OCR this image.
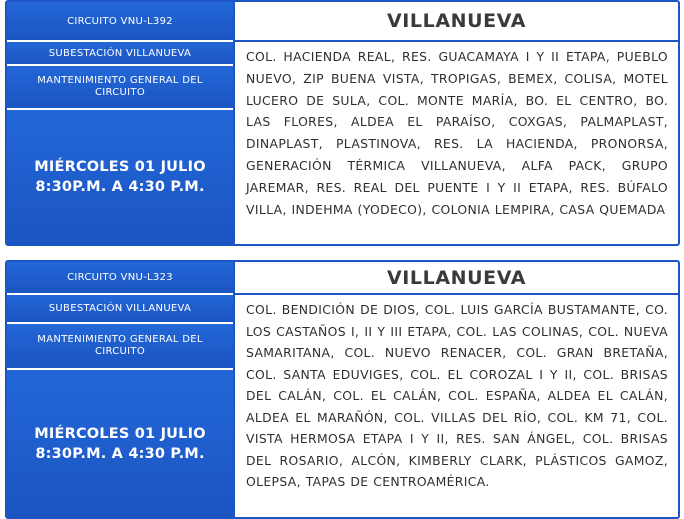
CIRCUITO VNU-L392
SUBESTACIÓN VILLANUEVA
MANTENIMIENTO GENERAL DEL CIRCUITO
MIÉRCOLES 01 JULIO
8:30P.M. A 4:30 P.M.
VILLANUEVA
COL. HACIENDA REAL, RES. GUACAMAYA I Y II ETAPA, PUEBLO NUEVO, ZIP BUENA VISTA, TROPIGAS, BEMEX, COLISA, MOTEL LUCERO DE SULA, COL. MONTE MARÍA, BO. EL CENTRO, BO. LAS FLORES, ALDEA EL PARAÍSO, COXGAS, PALMAPLAST, DINAPLAST, PLASTINOVA, RES. LA HACIENDA, PRONORSA, GENERACIÓN TÉRMICA VILLANUEVA, ALFA PACK, GRUPO JAREMAR, RES. REAL DEL PUENTE I Y II ETAPA, RES. BÚFALO VILLA, INDEHMA (YODECO), COLONIA LEMPIRA, CASA QUEMADA
CIRCUITO VNU-L323
SUBESTACIÓN VILLANUEVA
MANTENIMIENTO GENERAL DEL CIRCUITO
MIÉRCOLES 01 JULIO
8:30P.M. A 4:30 P.M.
VILLANUEVA
COL. BENDICIÓN DE DIOS, COL. LUIS GARCÍA BUSTAMANTE, CO. LOS CASTAÑOS I, II Y III ETAPA, COL. LAS COLINAS, COL. NUEVA SAMARITANA, COL. NUEVO RENACER, COL. GRAN BRETAÑA, COL. SANTA EDUVIGES, COL. EL COROZAL I Y II, COL. BRISAS DEL CALÁN, COL. EL CALÁN, COL. ESPAÑA, ALDEA EL CALÁN, ALDEA EL MARAÑÓN, COL. VILLAS DEL RÍO, COL. KM 71, COL. VISTA HERMOSA ETAPA I Y II, RES. SAN ÁNGEL, COL. BRISAS DEL ROSARIO, ALCÓN, KIMBERLY CLARK, PLÁSTICOS GAMOZ, OLEPSA, TAPAS DE CENTROAMÉRICA.
